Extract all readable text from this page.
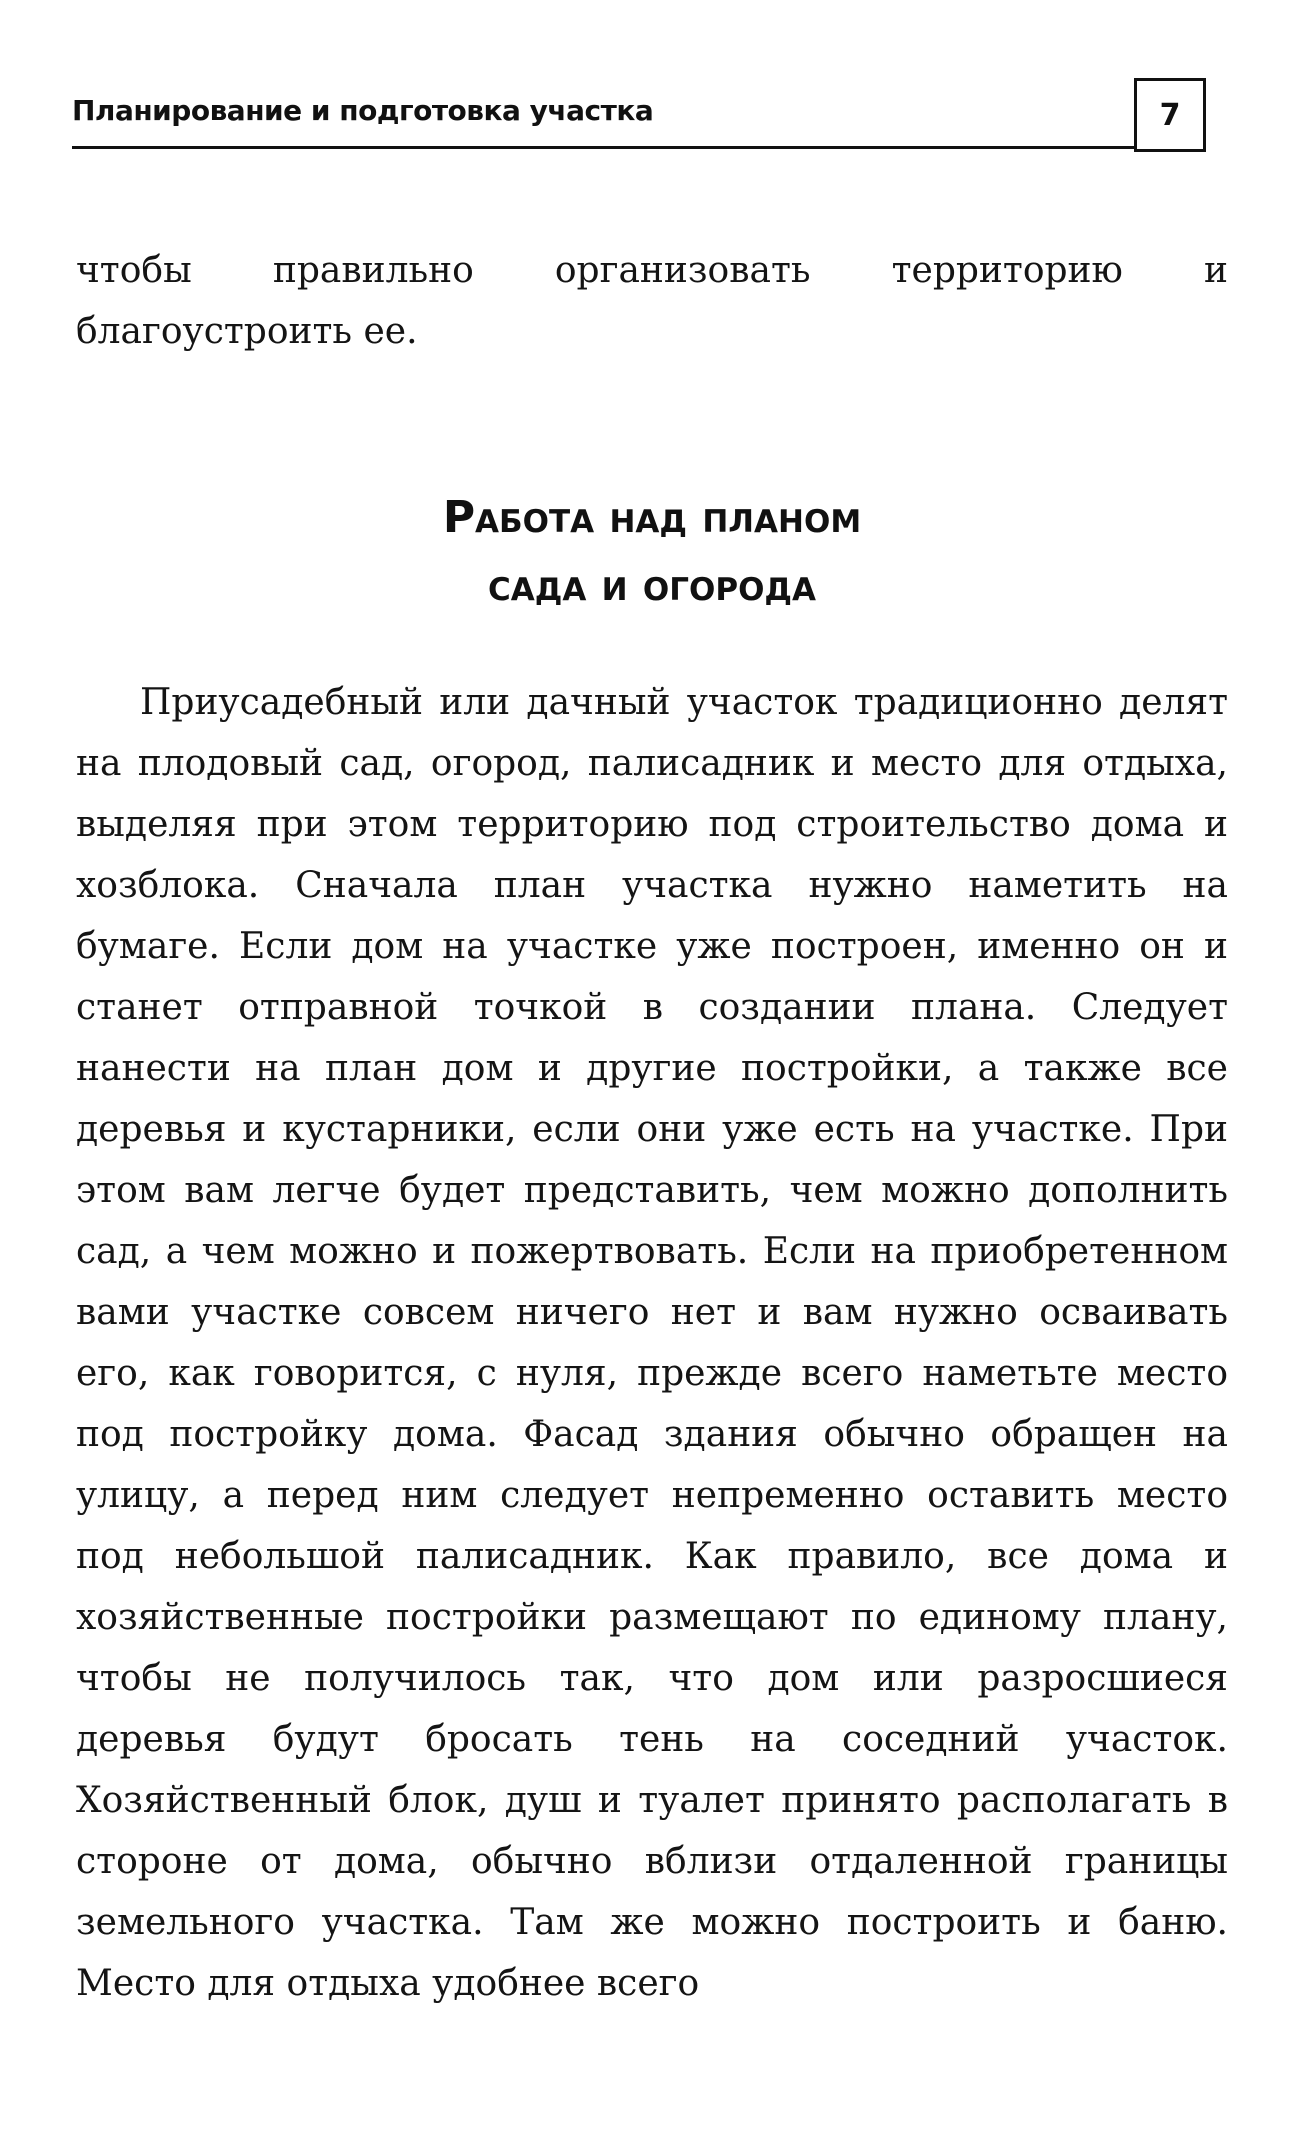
Планирование и подготовка участка	7

чтобы правильно организовать территорию и благоустроить ее.

Работа над планом
сада и огорода

Приусадебный или дачный участок традиционно делят на плодовый сад, огород, палисадник и место для отдыха, выделяя при этом территорию под строительство дома и хозблока. Сначала план участка нужно наметить на бумаге. Если дом на участке уже построен, именно он и станет отправной точкой в создании плана. Следует нанести на план дом и другие постройки, а также все деревья и кустарники, если они уже есть на участке. При этом вам легче будет представить, чем можно дополнить сад, а чем можно и пожертвовать. Если на приобретенном вами участке совсем ничего нет и вам нужно осваивать его, как говорится, с нуля, прежде всего наметьте место под постройку дома. Фасад здания обычно обращен на улицу, а перед ним следует непременно оставить место под небольшой палисадник. Как правило, все дома и хозяйственные постройки размещают по единому плану, чтобы не получилось так, что дом или разросшиеся деревья будут бросать тень на соседний участок. Хозяйственный блок, душ и туалет принято располагать в стороне от дома, обычно вблизи отдаленной границы земельного участка. Там же можно построить и баню. Место для отдыха удобнее всего
